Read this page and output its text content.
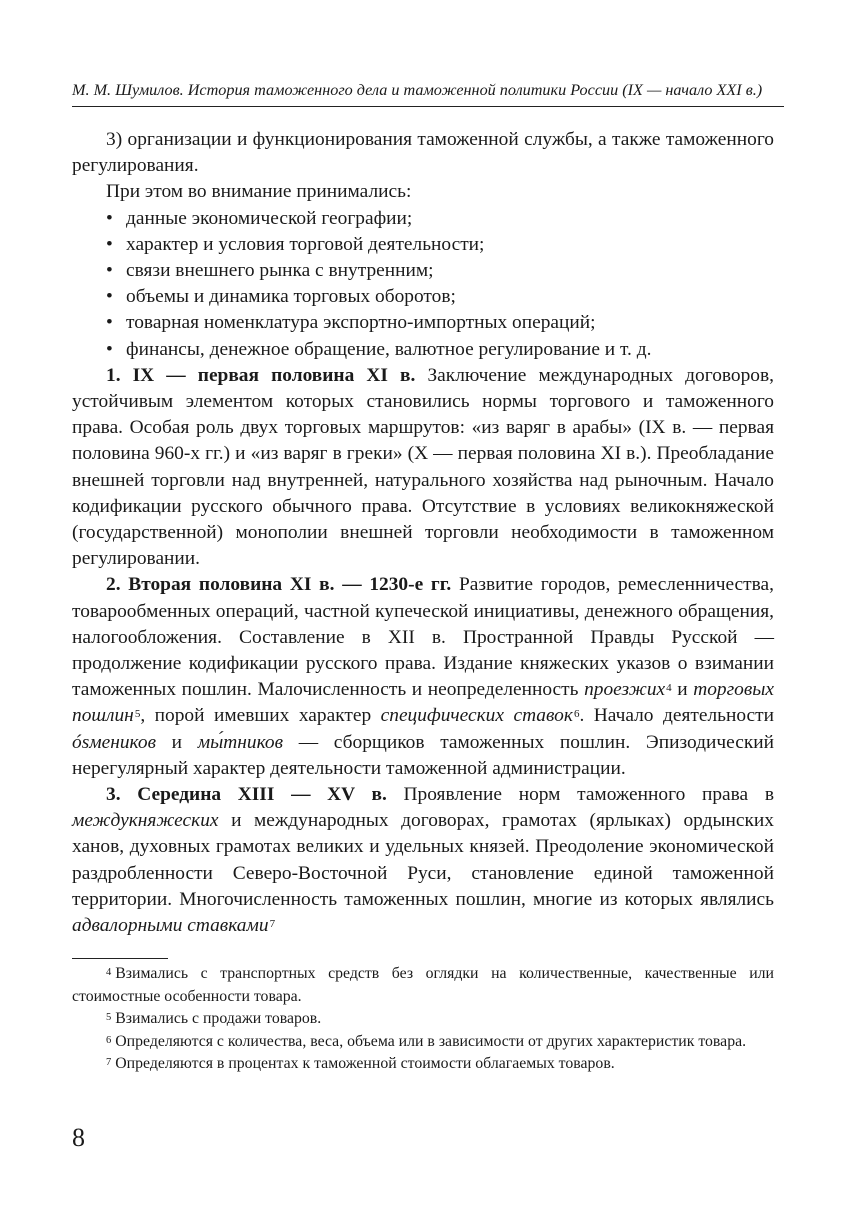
М. М. Шумилов. История таможенного дела и таможенной политики России (IX — начало XXI в.)

3) организации и функционирования таможенной службы, а также таможенного регулирования.

При этом во внимание принимались:

• данные экономической географии;
• характер и условия торговой деятельности;
• связи внешнего рынка с внутренним;
• объемы и динамика торговых оборотов;
• товарная номенклатура экспортно-импортных операций;
• финансы, денежное обращение, валютное регулирование и т. д.

1. IX — первая половина XI в. Заключение международных договоров, устойчивым элементом которых становились нормы торгового и таможенного права. Особая роль двух торговых маршрутов: «из варяг в арабы» (IX в. — первая половина 960-х гг.) и «из варяг в греки» (X — первая половина XI в.). Преобладание внешней торговли над внутренней, натурального хозяйства над рыночным. Начало кодификации русского обычного права. Отсутствие в условиях великокняжеской (государственной) монополии внешней торговли необходимости в таможенном регулировании.

2. Вторая половина XI в. — 1230-е гг. Развитие городов, ремесленничества, товарообменных операций, частной купеческой инициативы, денежного обращения, налогообложения. Составление в XII в. Пространной Правды Русской — продолжение кодификации русского права. Издание княжеских указов о взимании таможенных пошлин. Малочисленность и неопределенность проезжих$^4$ и торговых пошлин$^5$, порой имевших характер специфических ставок$^6$. Начало деятельности ósмеников и мы́тников — сборщиков таможенных пошлин. Эпизодический нерегулярный характер деятельности таможенной администрации.

3. Середина XIII — XV в. Проявление норм таможенного права в междукняжеских и международных договорах, грамотах (ярлыках) ордынских ханов, духовных грамотах великих и удельных князей. Преодоление экономической раздробленности Северо-Восточной Руси, становление единой таможенной территории. Многочисленность таможенных пошлин, многие из которых являлись адвалорными ставками$^7$

$^4$ Взимались с транспортных средств без оглядки на количественные, качественные или стоимостные особенности товара.

$^5$ Взимались с продажи товаров.

$^6$ Определяются с количества, веса, объема или в зависимости от других характеристик товара.

$^7$ Определяются в процентах к таможенной стоимости облагаемых товаров.

8
